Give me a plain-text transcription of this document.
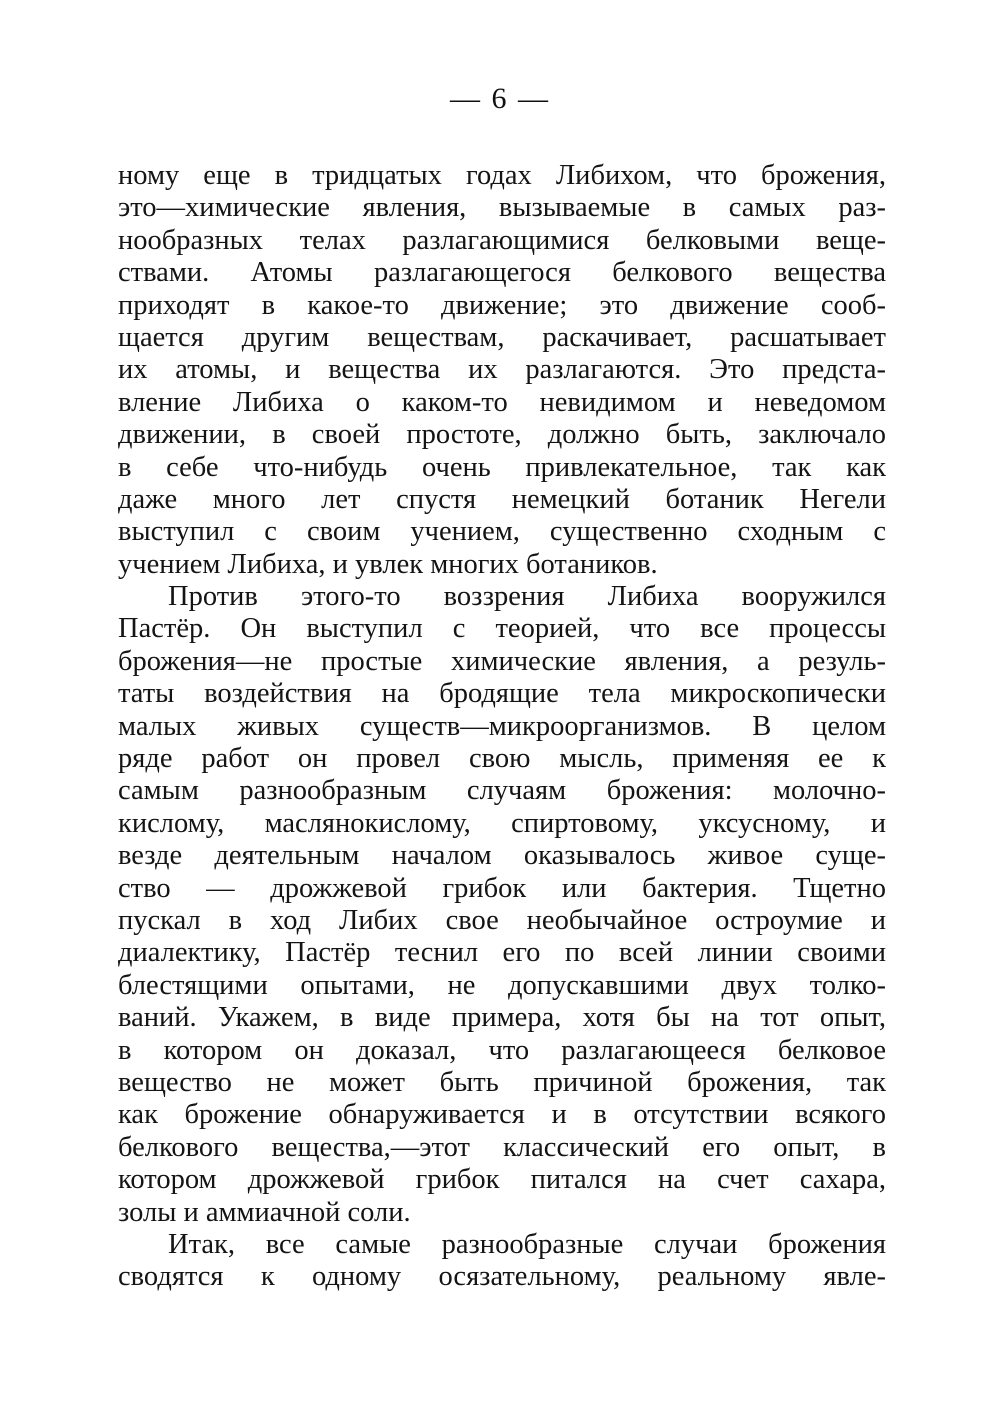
— 6 —
ному еще в тридцатых годах Либихом, что брожения,
это—химические явления, вызываемые в самых раз-
нообразных телах разлагающимися белковыми веще-
ствами. Атомы разлагающегося белкового вещества
приходят в какое-то движение; это движение сооб-
щается другим веществам, раскачивает, расшатывает
их атомы, и вещества их разлагаются. Это предста-
вление Либиха о каком-то невидимом и неведомом
движении, в своей простоте, должно быть, заключало
в себе что-нибудь очень привлекательное, так как
даже много лет спустя немецкий ботаник Негели
выступил с своим учением, существенно сходным с
учением Либиха, и увлек многих ботаников.
Против этого-то воззрения Либиха вооружился
Пастёр. Он выступил с теорией, что все процессы
брожения—не простые химические явления, а резуль-
таты воздействия на бродящие тела микроскопически
малых живых существ—микроорганизмов. В целом
ряде работ он провел свою мысль, применяя ее к
самым разнообразным случаям брожения: молочно-
кислому, маслянокислому, спиртовому, уксусному, и
везде деятельным началом оказывалось живое суще-
ство — дрожжевой грибок или бактерия. Тщетно
пускал в ход Либих свое необычайное остроумие и
диалектику, Пастёр теснил его по всей линии своими
блестящими опытами, не допускавшими двух толко-
ваний. Укажем, в виде примера, хотя бы на тот опыт,
в котором он доказал, что разлагающееся белковое
вещество не может быть причиной брожения, так
как брожение обнаруживается и в отсутствии всякого
белкового вещества,—этот классический его опыт, в
котором дрожжевой грибок питался на счет сахара,
золы и аммиачной соли.
Итак, все самые разнообразные случаи брожения
сводятся к одному осязательному, реальному явле-
